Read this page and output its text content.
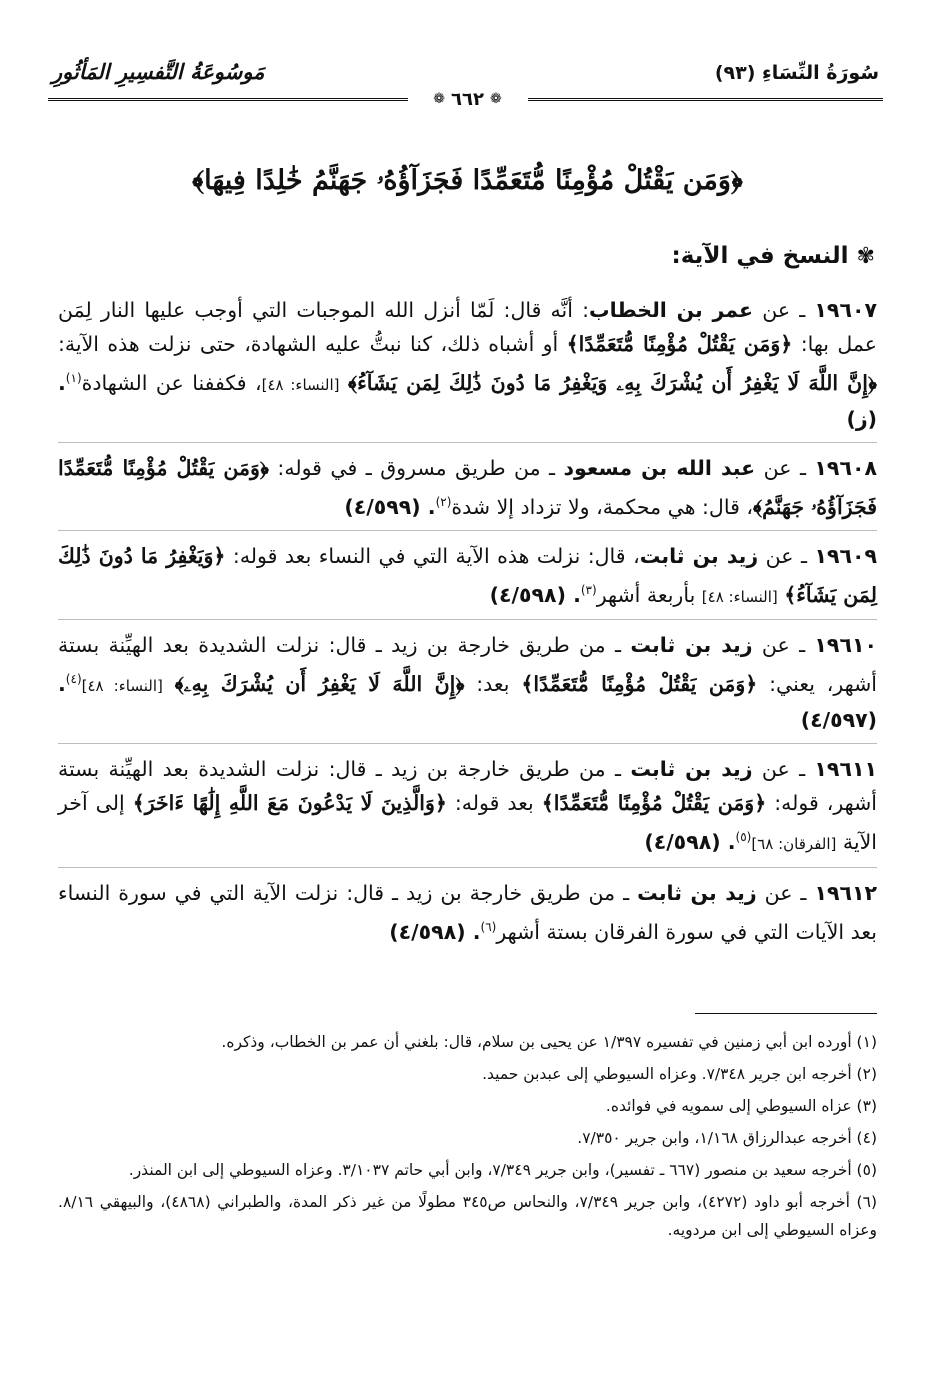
سُورَةُ النِّسَاءِ (٩٣)
مَوسُوعَةُ التَّفسِيرِ المَأثُورِ
❁
٦٦٢
❁
﴿وَمَن يَقْتُلْ مُؤْمِنًا مُّتَعَمِّدًا فَجَزَآؤُهُۥ جَهَنَّمُ خَٰلِدًا فِيهَا﴾
✾
النسخ في الآية:

١٩٦٠٧ ـ عن عمر بن الخطاب: أنَّه قال: لَمّا أنزل الله الموجبات التي أوجب عليها النار لِمَن عمل بها: ﴿وَمَن يَقْتُلْ مُؤْمِنًا مُّتَعَمِّدًا﴾ أو أشباه ذلك، كنا نبتُّ عليه الشهادة، حتى نزلت هذه الآية: ﴿إِنَّ اللَّهَ لَا يَغْفِرُ أَن يُشْرَكَ بِهِۦ وَيَغْفِرُ مَا دُونَ ذَٰلِكَ لِمَن يَشَآءُ﴾ [النساء: ٤٨]، فكففنا عن الشهادة$^{(١)}$. (ز)

١٩٦٠٨ ـ عن عبد الله بن مسعود ـ من طريق مسروق ـ في قوله: ﴿وَمَن يَقْتُلْ مُؤْمِنًا مُّتَعَمِّدًا فَجَزَآؤُهُۥ جَهَنَّمُ﴾، قال: هي محكمة، ولا تزداد إلا شدة$^{(٢)}$. (٤/٥٩٩)

١٩٦٠٩ ـ عن زيد بن ثابت، قال: نزلت هذه الآية التي في النساء بعد قوله: ﴿وَيَغْفِرُ مَا دُونَ ذَٰلِكَ لِمَن يَشَآءُ﴾ [النساء: ٤٨] بأربعة أشهر$^{(٣)}$. (٤/٥٩٨)

١٩٦١٠ ـ عن زيد بن ثابت ـ من طريق خارجة بن زيد ـ قال: نزلت الشديدة بعد الهيِّنة بستة أشهر، يعني: ﴿وَمَن يَقْتُلْ مُؤْمِنًا مُّتَعَمِّدًا﴾ بعد: ﴿إِنَّ اللَّهَ لَا يَغْفِرُ أَن يُشْرَكَ بِهِۦ﴾ [النساء: ٤٨]$^{(٤)}$. (٤/٥٩٧)

١٩٦١١ ـ عن زيد بن ثابت ـ من طريق خارجة بن زيد ـ قال: نزلت الشديدة بعد الهيِّنة بستة أشهر، قوله: ﴿وَمَن يَقْتُلْ مُؤْمِنًا مُّتَعَمِّدًا﴾ بعد قوله: ﴿وَالَّذِينَ لَا يَدْعُونَ مَعَ اللَّهِ إِلَٰهًا ءَاخَرَ﴾ إلى آخر الآية [الفرقان: ٦٨]$^{(٥)}$. (٤/٥٩٨)

١٩٦١٢ ـ عن زيد بن ثابت ـ من طريق خارجة بن زيد ـ قال: نزلت الآية التي في سورة النساء بعد الآيات التي في سورة الفرقان بستة أشهر$^{(٦)}$. (٤/٥٩٨)

(١) أورده ابن أبي زمنين في تفسيره ١/٣٩٧ عن يحيى بن سلام، قال: بلغني أن عمر بن الخطاب، وذكره.

(٢) أخرجه ابن جرير ٧/٣٤٨. وعزاه السيوطي إلى عبدبن حميد.

(٣) عزاه السيوطي إلى سمويه في فوائده.

(٤) أخرجه عبدالرزاق ١/١٦٨، وابن جرير ٧/٣٥٠.

(٥) أخرجه سعيد بن منصور (٦٦٧ ـ تفسير)، وابن جرير ٧/٣٤٩، وابن أبي حاتم ٣/١٠٣٧. وعزاه السيوطي إلى ابن المنذر.

(٦) أخرجه أبو داود (٤٢٧٢)، وابن جرير ٧/٣٤٩، والنحاس ص٣٤٥ مطولًا من غير ذكر المدة، والطبراني (٤٨٦٨)، والبيهقي ٨/١٦. وعزاه السيوطي إلى ابن مردويه.
